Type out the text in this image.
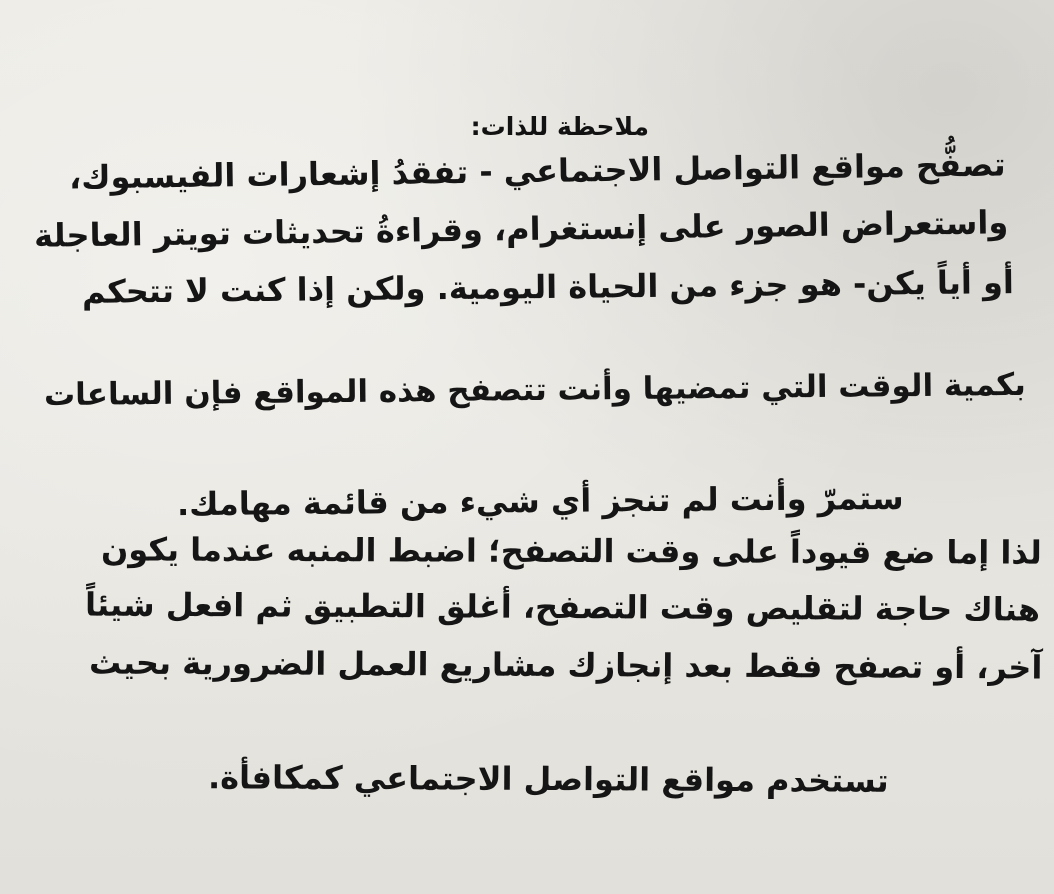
ملاحظة للذات:
تصفُّح مواقع التواصل الاجتماعي - تفقدُ إشعارات الفيسبوك،
واستعراض الصور على إنستغرام، وقراءةُ تحديثات تويتر العاجلة
أو أياً يكن- هو جزء من الحياة اليومية. ولكن إذا كنت لا تتحكم
بكمية الوقت التي تمضيها وأنت تتصفح هذه المواقع فإن الساعات
ستمرّ وأنت لم تنجز أي شيء من قائمة مهامك.
لذا إما ضع قيوداً على وقت التصفح؛ اضبط المنبه عندما يكون
هناك حاجة لتقليص وقت التصفح، أغلق التطبيق ثم افعل شيئاً
آخر، أو تصفح فقط بعد إنجازك مشاريع العمل الضرورية بحيث
تستخدم مواقع التواصل الاجتماعي كمكافأة.
